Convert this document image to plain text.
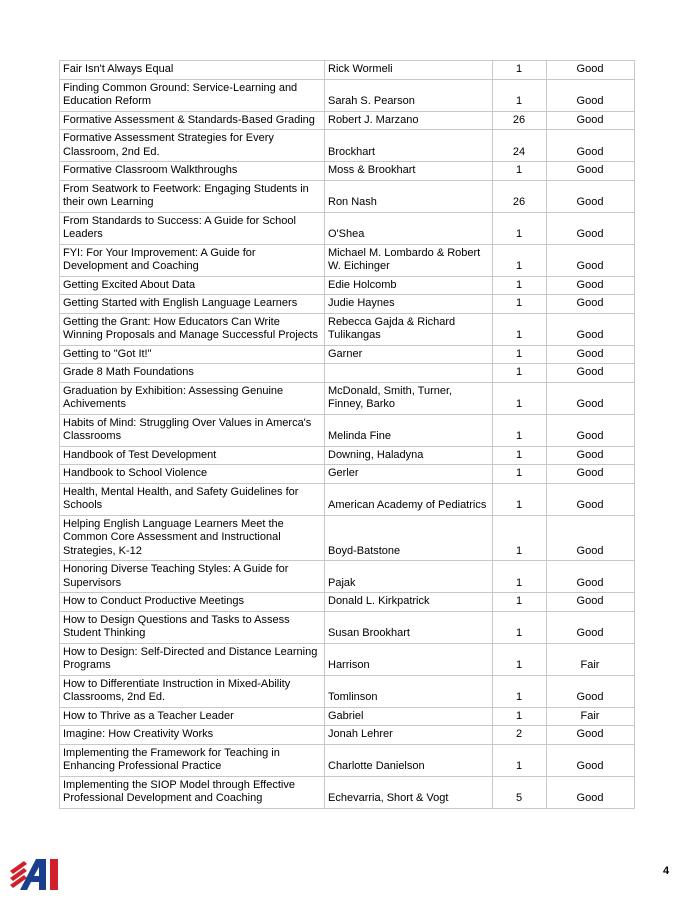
Fair Isn't Always Equal	Rick Wormeli	1	Good
Finding Common Ground: Service-Learning and Education Reform	Sarah S. Pearson	1	Good
Formative Assessment & Standards-Based Grading	Robert J. Marzano	26	Good
Formative Assessment Strategies for Every Classroom, 2nd Ed.	Brockhart	24	Good
Formative Classroom Walkthroughs	Moss & Brookhart	1	Good
From Seatwork to Feetwork: Engaging Students in their own Learning	Ron Nash	26	Good
From Standards to Success: A Guide for School Leaders	O'Shea	1	Good
FYI: For Your Improvement: A Guide for Development and Coaching	Michael M. Lombardo & Robert W. Eichinger	1	Good
Getting Excited About Data	Edie Holcomb	1	Good
Getting Started with English Language Learners	Judie Haynes	1	Good
Getting the Grant: How Educators Can Write Winning Proposals and Manage Successful Projects	Rebecca Gajda & Richard Tulikangas	1	Good
Getting to "Got It!"	Garner	1	Good
Grade 8 Math Foundations		1	Good
Graduation by Exhibition: Assessing Genuine Achivements	McDonald, Smith, Turner, Finney, Barko	1	Good
Habits of Mind: Struggling Over Values in Amerca's Classrooms	Melinda Fine	1	Good
Handbook of Test Development	Downing, Haladyna	1	Good
Handbook to School Violence	Gerler	1	Good
Health, Mental Health, and Safety Guidelines for Schools	American Academy of Pediatrics	1	Good
Helping English Language Learners Meet the Common Core Assessment and Instructional Strategies, K-12	Boyd-Batstone	1	Good
Honoring Diverse Teaching Styles: A Guide for Supervisors	Pajak	1	Good
How to Conduct Productive Meetings	Donald L. Kirkpatrick	1	Good
How to Design Questions and Tasks to Assess Student Thinking	Susan Brookhart	1	Good
How to Design: Self-Directed and Distance Learning Programs	Harrison	1	Fair
How to Differentiate Instruction in Mixed-Ability Classrooms, 2nd Ed.	Tomlinson	1	Good
How to Thrive as a Teacher Leader	Gabriel	1	Fair
Imagine: How Creativity Works	Jonah Lehrer	2	Good
Implementing the Framework for Teaching in Enhancing Professional Practice	Charlotte Danielson	1	Good
Implementing the SIOP Model through Effective Professional Development and Coaching	Echevarria, Short & Vogt	5	Good
4
